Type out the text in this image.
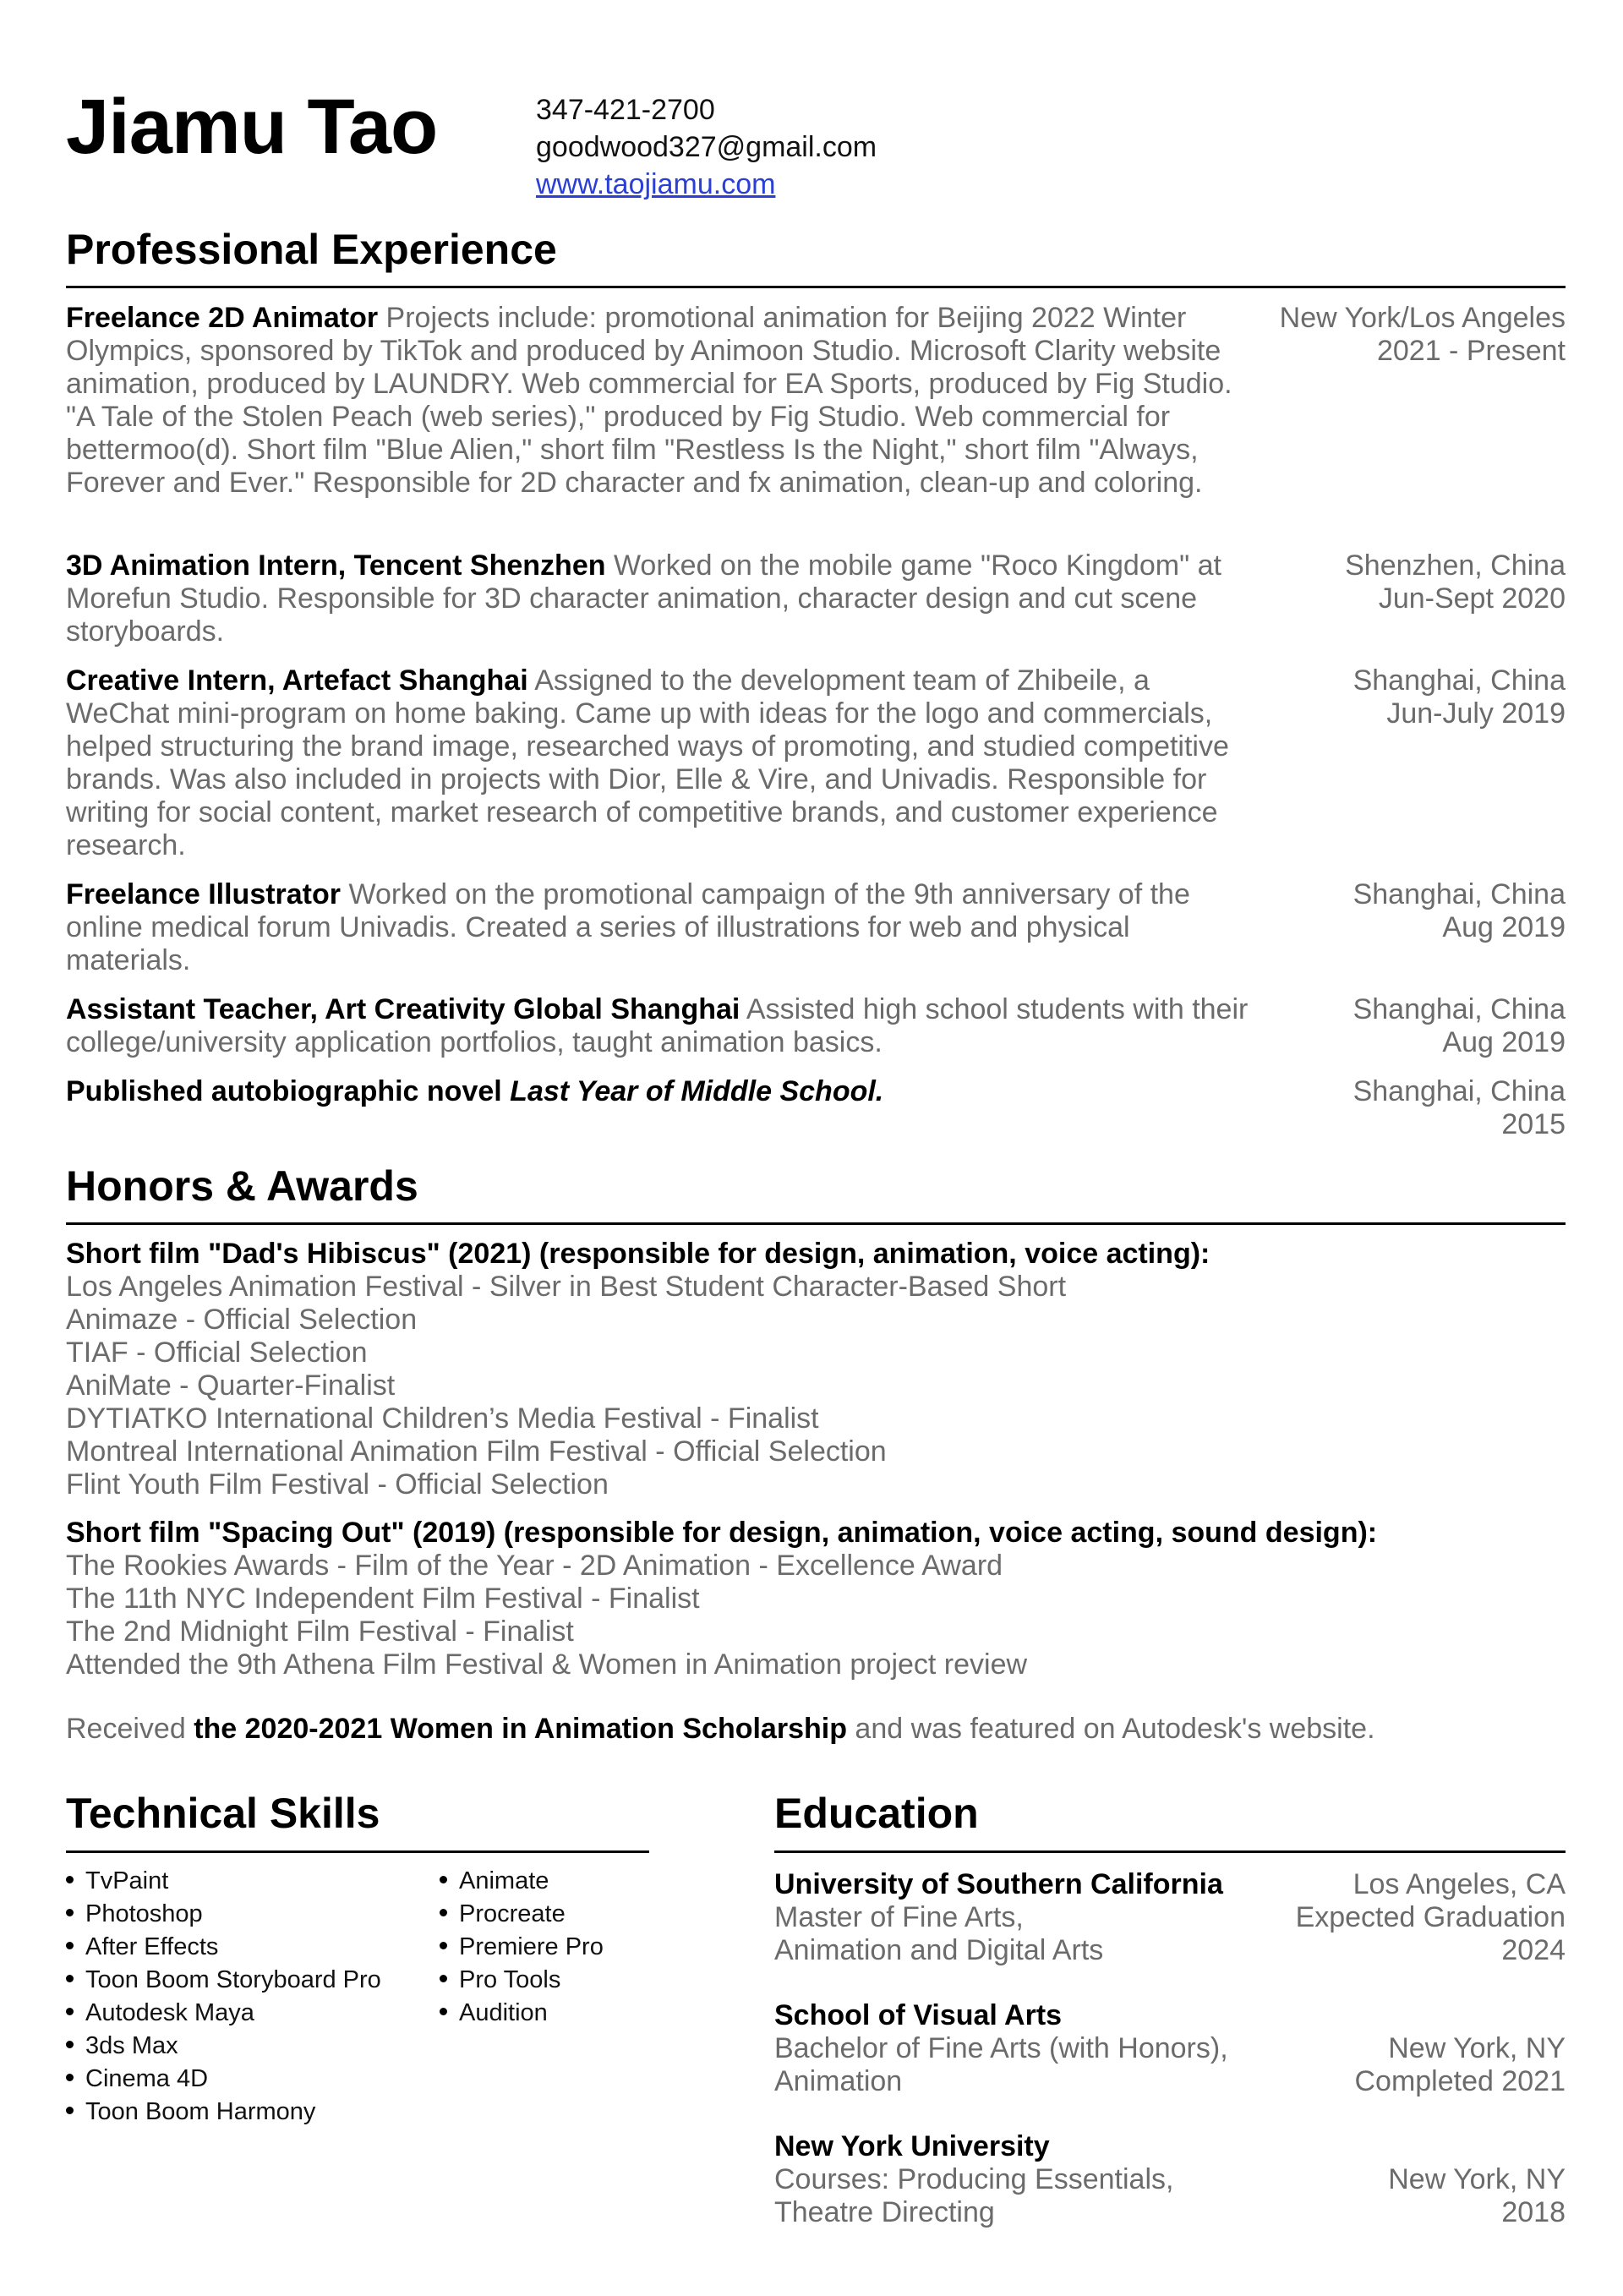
Jiamu Tao	347-421-2700
goodwood327@gmail.com
www.taojiamu.com
Professional Experience
Freelance 2D Animator Projects include: promotional animation for Beijing 2022 Winter Olympics, sponsored by TikTok and produced by Animoon Studio. Microsoft Clarity website animation, produced by LAUNDRY. Web commercial for EA Sports, produced by Fig Studio. "A Tale of the Stolen Peach (web series)," produced by Fig Studio. Web commercial for bettermoo(d). Short film "Blue Alien," short film "Restless Is the Night," short film "Always, Forever and Ever." Responsible for 2D character and fx animation, clean-up and coloring.
New York/Los Angeles
2021 - Present
3D Animation Intern, Tencent Shenzhen Worked on the mobile game "Roco Kingdom" at Morefun Studio. Responsible for 3D character animation, character design and cut scene storyboards.
Shenzhen, China
Jun-Sept 2020
Creative Intern, Artefact Shanghai Assigned to the development team of Zhibeile, a WeChat mini-program on home baking. Came up with ideas for the logo and commercials, helped structuring the brand image, researched ways of promoting, and studied competitive brands. Was also included in projects with Dior, Elle & Vire, and Univadis. Responsible for writing for social content, market research of competitive brands, and customer experience research.
Shanghai, China
Jun-July 2019
Freelance Illustrator Worked on the promotional campaign of the 9th anniversary of the online medical forum Univadis. Created a series of illustrations for web and physical materials.
Shanghai, China
Aug 2019
Assistant Teacher, Art Creativity Global Shanghai Assisted high school students with their college/university application portfolios, taught animation basics.
Shanghai, China
Aug 2019
Published autobiographic novel Last Year of Middle School.	Shanghai, China
2015
Honors & Awards
Short film "Dad's Hibiscus" (2021) (responsible for design, animation, voice acting):
Los Angeles Animation Festival - Silver in Best Student Character-Based Short
Animaze - Official Selection
TIAF - Official Selection
AniMate - Quarter-Finalist
DYTIATKO International Children’s Media Festival - Finalist
Montreal International Animation Film Festival - Official Selection
Flint Youth Film Festival - Official Selection
Short film "Spacing Out" (2019) (responsible for design, animation, voice acting, sound design):
The Rookies Awards - Film of the Year - 2D Animation - Excellence Award
The 11th NYC Independent Film Festival - Finalist
The 2nd Midnight Film Festival - Finalist
Attended the 9th Athena Film Festival & Women in Animation project review
Received the 2020-2021 Women in Animation Scholarship and was featured on Autodesk's website.
Technical Skills
TvPaint
Photoshop
After Effects
Toon Boom Storyboard Pro
Autodesk Maya
3ds Max
Cinema 4D
Toon Boom Harmony
Animate
Procreate
Premiere Pro
Pro Tools
Audition
Education
University of Southern California
Master of Fine Arts,
Animation and Digital Arts
Los Angeles, CA
Expected Graduation
2024
School of Visual Arts
Bachelor of Fine Arts (with Honors),
Animation
New York, NY
Completed 2021
New York University
Courses: Producing Essentials,
Theatre Directing
New York, NY
2018
